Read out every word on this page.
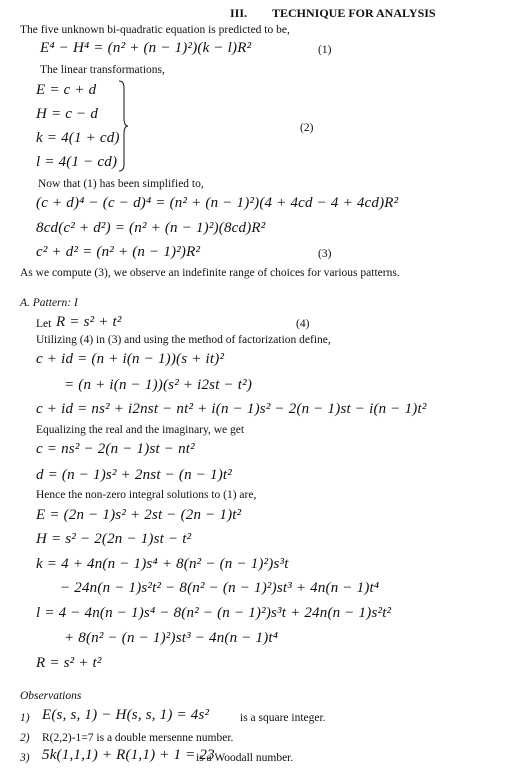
III. TECHNIQUE FOR ANALYSIS
The five unknown bi-quadratic equation is predicted to be,
E⁴ − H⁴ = (n² + (n − 1)²)(k − l)R²	(1)
The linear transformations,
E = c + d
H = c − d
k = 4(1 + cd)
l = 4(1 − cd)
(2)
Now that (1) has been simplified to,
(c + d)⁴ − (c − d)⁴ = (n² + (n − 1)²)(4 + 4cd − 4 + 4cd)R²
8cd(c² + d²) = (n² + (n − 1)²)(8cd)R²
c² + d² = (n² + (n − 1)²)R²	(3)
As we compute (3), we observe an indefinite range of choices for various patterns.
A. Pattern: I
Let R = s² + t²	(4)
Utilizing (4) in (3) and using the method of factorization define,
c + id = (n + i(n − 1))(s + it)²
= (n + i(n − 1))(s² + i2st − t²)
c + id = ns² + i2nst − nt² + i(n − 1)s² − 2(n − 1)st − i(n − 1)t²
Equalizing the real and the imaginary, we get
c = ns² − 2(n − 1)st − nt²
d = (n − 1)s² + 2nst − (n − 1)t²
Hence the non-zero integral solutions to (1) are,
E = (2n − 1)s² + 2st − (2n − 1)t²
H = s² − 2(2n − 1)st − t²
k = 4 + 4n(n − 1)s⁴ + 8(n² − (n − 1)²)s³t
− 24n(n − 1)s²t² − 8(n² − (n − 1)²)st³ + 4n(n − 1)t⁴
l = 4 − 4n(n − 1)s⁴ − 8(n² − (n − 1)²)s³t + 24n(n − 1)s²t²
+ 8(n² − (n − 1)²)st³ − 4n(n − 1)t⁴
R = s² + t²
Observations
1) E(s, s, 1) − H(s, s, 1) = 4s²	is a square integer.
2) R(2,2)-1=7 is a double mersenne number.
3) 5k(1,1,1) + R(1,1) + 1 = 23
is a Woodall number.
